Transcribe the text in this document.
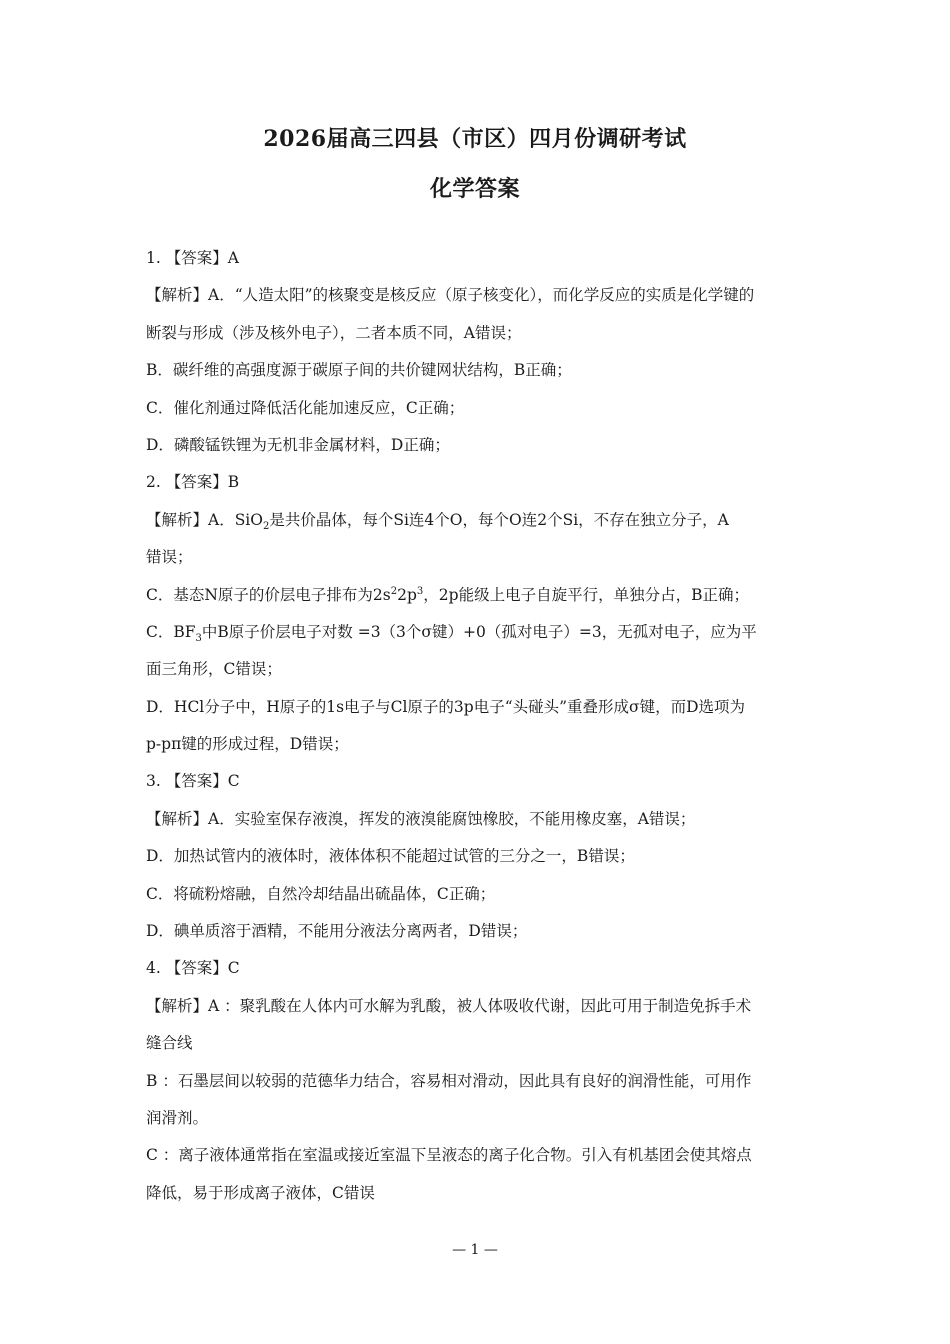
2026届高三四县（市区）四月份调研考试
化学答案
1. 【答案】A
【解析】A．“人造太阳”的核聚变是核反应（原子核变化），而化学反应的实质是化学键的
断裂与形成（涉及核外电子），二者本质不同，A错误；
B．碳纤维的高强度源于碳原子间的共价键网状结构，B正确；
C．催化剂通过降低活化能加速反应，C正确；
D．磷酸锰铁锂为无机非金属材料，D正确；
2. 【答案】B
【解析】A．SiO$_2$是共价晶体，每个Si连4个O，每个O连2个Si，不存在独立分子，A
错误；
C．基态N原子的价层电子排布为$2s^22p^3$，2p能级上电子自旋平行，单独分占，B正确；
C．$BF_3$中B原子价层电子对数 =3（3个σ键）+0（孤对电子）=3，无孤对电子，应为平
面三角形，C错误；
D．HCl分子中，H原子的1s电子与Cl原子的3p电子“头碰头”重叠形成σ键，而D选项为
p-pπ键的形成过程，D错误；
3. 【答案】C
【解析】A．实验室保存液溴，挥发的液溴能腐蚀橡胶，不能用橡皮塞，A错误；
D．加热试管内的液体时，液体体积不能超过试管的三分之一，B错误；
C．将硫粉熔融，自然冷却结晶出硫晶体，C正确；
D．碘单质溶于酒精，不能用分液法分离两者，D错误；
4. 【答案】C
【解析】A ：聚乳酸在人体内可水解为乳酸，被人体吸收代谢，因此可用于制造免拆手术
缝合线
B ：石墨层间以较弱的范德华力结合，容易相对滑动，因此具有良好的润滑性能，可用作
润滑剂。
C ：离子液体通常指在室温或接近室温下呈液态的离子化合物。引入有机基团会使其熔点
降低，易于形成离子液体，C错误
— 1 —
